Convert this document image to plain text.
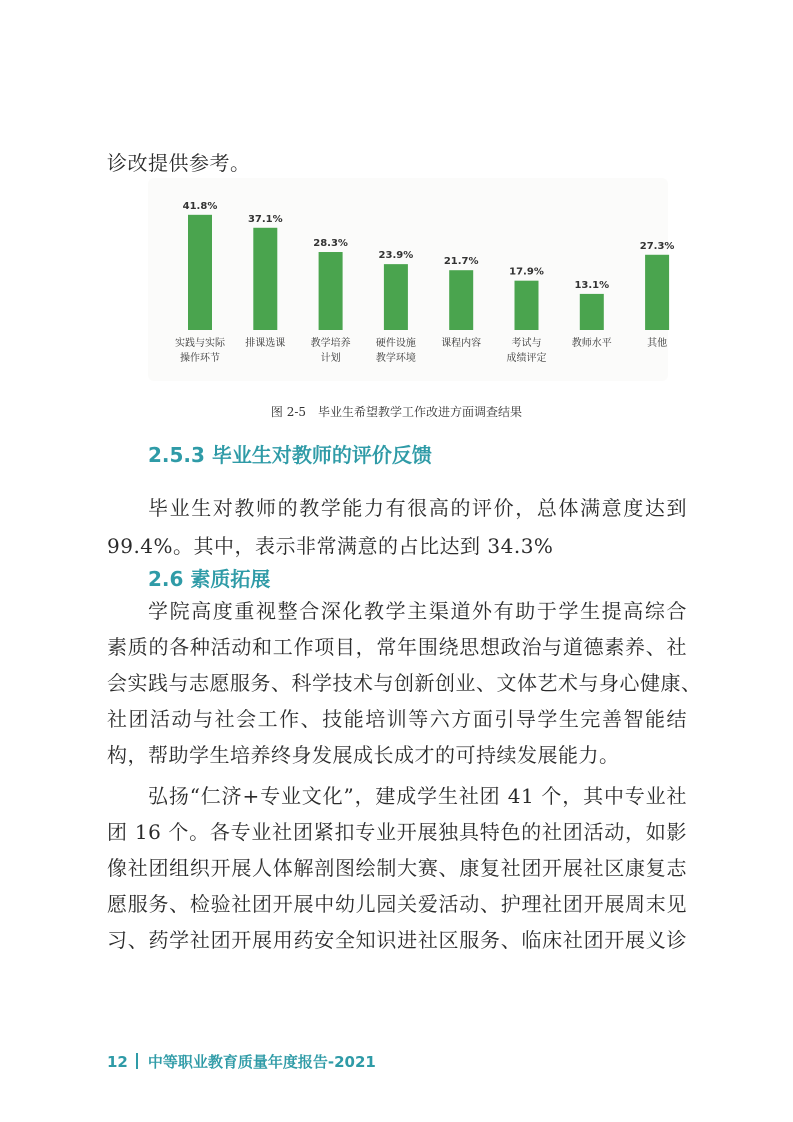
诊改提供参考。
41.8%
实践与实际
操作环节
37.1%
排课选课
28.3%
教学培养
计划
23.9%
硬件设施
教学环境
21.7%
课程内容
17.9%
考试与
成绩评定
13.1%
教师水平
27.3%
其他
图 2-5　毕业生希望教学工作改进方面调查结果
2.5.3 毕业生对教师的评价反馈
毕业生对教师的教学能力有很高的评价，总体满意度达到
99.4%。其中，表示非常满意的占比达到 34.3%
2.6 素质拓展
学院高度重视整合深化教学主渠道外有助于学生提高综合
素质的各种活动和工作项目，常年围绕思想政治与道德素养、社
会实践与志愿服务、科学技术与创新创业、文体艺术与身心健康、
社团活动与社会工作、技能培训等六方面引导学生完善智能结
构，帮助学生培养终身发展成长成才的可持续发展能力。
弘扬“仁济+专业文化”，建成学生社团 41 个，其中专业社
团 16 个。各专业社团紧扣专业开展独具特色的社团活动，如影
像社团组织开展人体解剖图绘制大赛、康复社团开展社区康复志
愿服务、检验社团开展中幼儿园关爱活动、护理社团开展周末见
习、药学社团开展用药安全知识进社区服务、临床社团开展义诊
12 中等职业教育质量年度报告-2021
